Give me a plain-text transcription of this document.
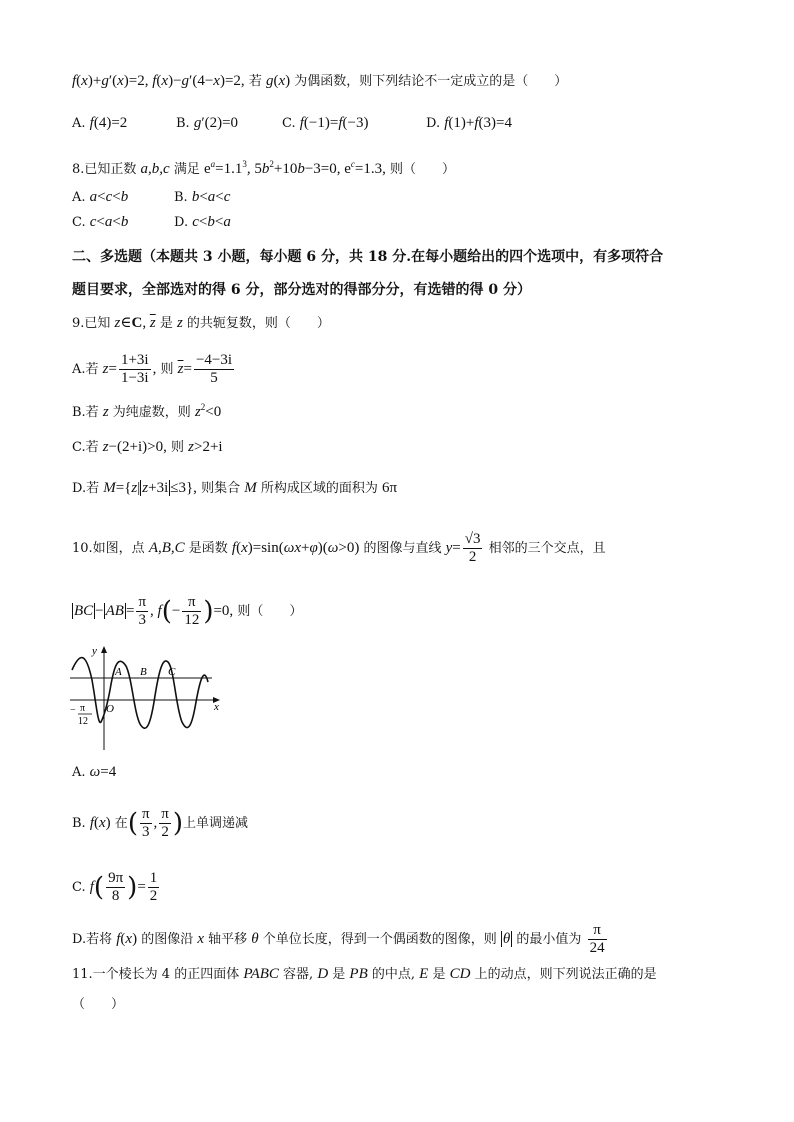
f(x)+g′(x)=2, f(x)−g′(4−x)=2, 若 g(x) 为偶函数，则下列结论不一定成立的是（　　）
A. f(4)=2	B. g′(2)=0	C. f(−1)=f(−3)	D. f(1)+f(3)=4
8.已知正数 a,b,c 满足 $e^a=1.1^3$, $5b^2+10b-3=0$, $e^c=1.3$, 则（　　）
A. a<c<b	B. b<a<c
C. c<a<b	D. c<b<a
二、多选题（本题共 3 小题，每小题 6 分，共 18 分.在每小题给出的四个选项中，有多项符合
题目要求，全部选对的得 6 分，部分选对的得部分分，有选错的得 0 分）
9.已知 z∈C, $\overline{z}$ 是 z 的共轭复数，则（　　）
A.若 $z= \frac{1+3i}{1-3i}$ , 则 $\overline{z}= \frac{-4-3i}{5}$
B.若 z 为纯虚数，则 $z^2<0$
C.若 z−(2+i)>0, 则 z>2+i
D.若 M={z| z+3i ≤3}, 则集合 M 所构成区域的面积为 6π
10.如图，点 A,B,C 是函数 f(x)=sin(ωx+φ)(ω>0) 的图像与直线 $y= \frac{√3}{2}$ 相邻的三个交点，且
BC − AB = $\frac{\pi}{3}$ , $f(- \frac{\pi}{12} )=0$, 则（　　）
y
x
O
A B C
− π
12
A. ω=4
B. f(x) 在( $\frac{\pi}{3}$ , $\frac{\pi}{2}$ )上单调递减
C. $f( \frac{9\pi}{8}$ )= $\frac{1}{2}$
D.若将 f(x) 的图像沿 x 轴平移 θ 个单位长度，得到一个偶函数的图像，则 θ 的最小值为 $\frac{\pi}{24}$
11.一个棱长为 4 的正四面体 PABC 容器, D 是 PB 的中点, E 是 CD 上的动点，则下列说法正确的是
（　　）
